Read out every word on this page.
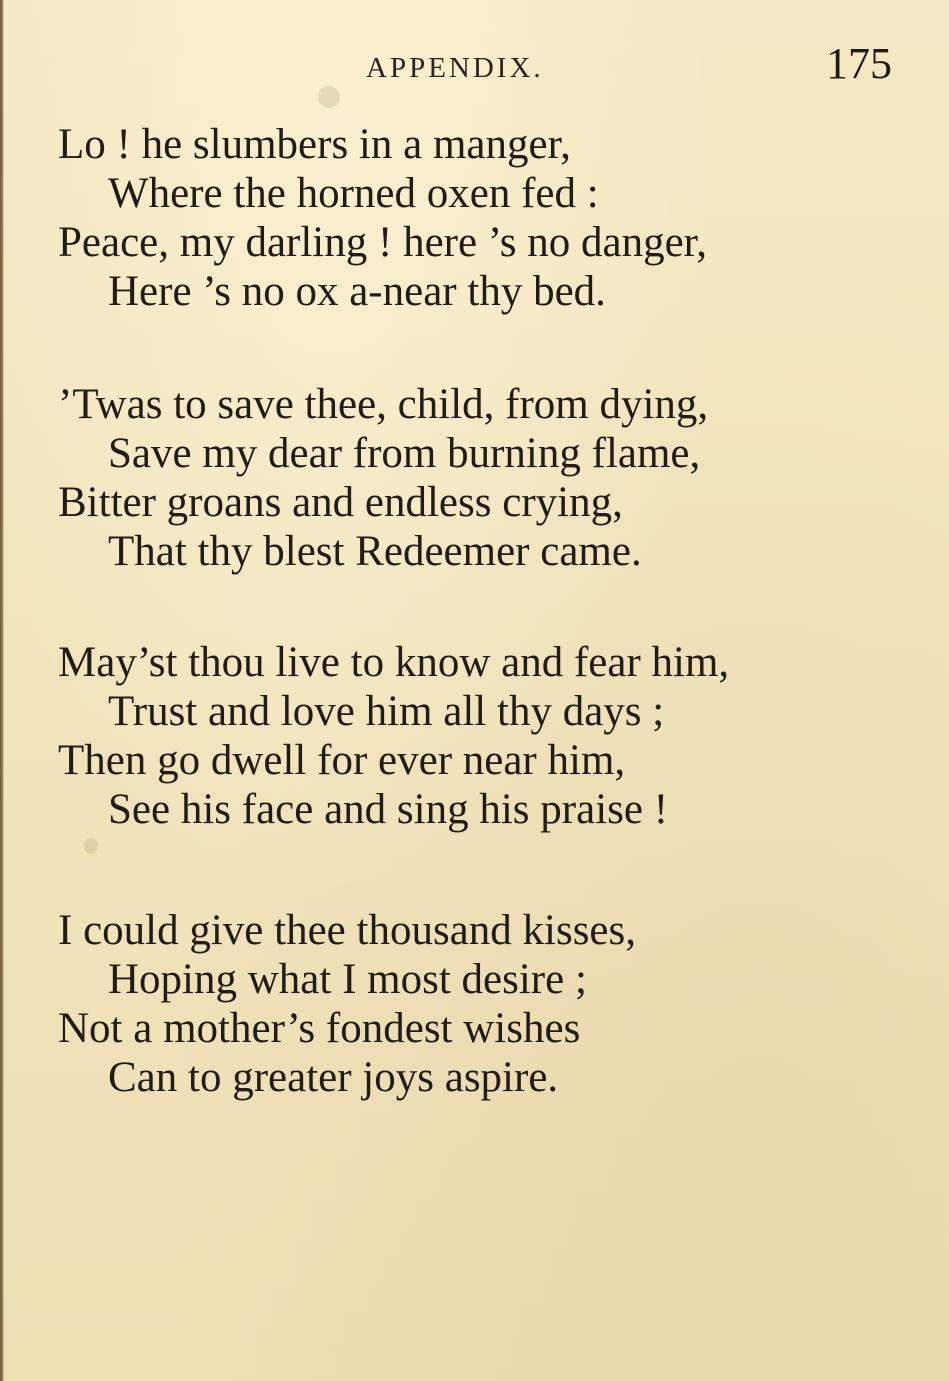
APPENDIX.	175
Lo ! he slumbers in a manger,
Where the horned oxen fed :
Peace, my darling ! here ’s no danger,
Here ’s no ox a-near thy bed.
’Twas to save thee, child, from dying,
Save my dear from burning flame,
Bitter groans and endless crying,
That thy blest Redeemer came.
May’st thou live to know and fear him,
Trust and love him all thy days ;
Then go dwell for ever near him,
See his face and sing his praise !
I could give thee thousand kisses,
Hoping what I most desire ;
Not a mother’s fondest wishes
Can to greater joys aspire.
